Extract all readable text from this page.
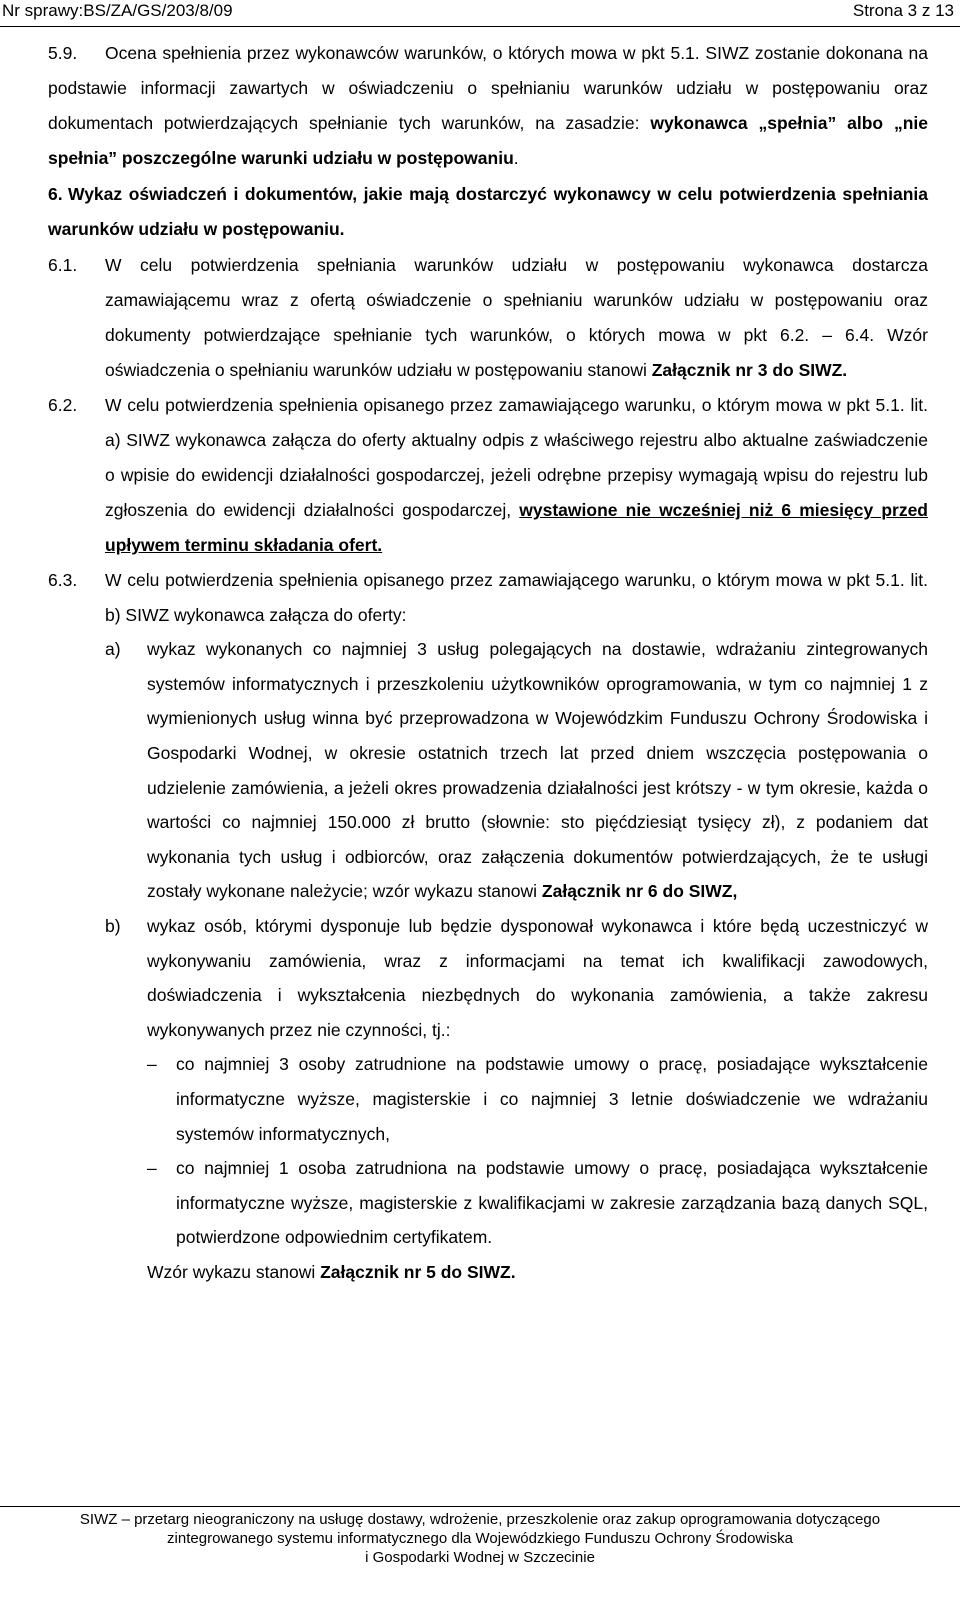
Nr sprawy:BS/ZA/GS/203/8/09	Strona 3 z 13
5.9. Ocena spełnienia przez wykonawców warunków, o których mowa w pkt 5.1. SIWZ zostanie dokonana na podstawie informacji zawartych w oświadczeniu o spełnianiu warunków udziału w postępowaniu oraz dokumentach potwierdzających spełnianie tych warunków, na zasadzie: wykonawca „spełnia” albo „nie spełnia” poszczególne warunki udziału w postępowaniu.
6. Wykaz oświadczeń i dokumentów, jakie mają dostarczyć wykonawcy w celu potwierdzenia spełniania warunków udziału w postępowaniu.
6.1. W celu potwierdzenia spełniania warunków udziału w postępowaniu wykonawca dostarcza zamawiającemu wraz z ofertą oświadczenie o spełnianiu warunków udziału w postępowaniu oraz dokumenty potwierdzające spełnianie tych warunków, o których mowa w pkt 6.2. – 6.4. Wzór oświadczenia o spełnianiu warunków udziału w postępowaniu stanowi Załącznik nr 3 do SIWZ.
6.2. W celu potwierdzenia spełnienia opisanego przez zamawiającego warunku, o którym mowa w pkt 5.1. lit. a) SIWZ wykonawca załącza do oferty aktualny odpis z właściwego rejestru albo aktualne zaświadczenie o wpisie do ewidencji działalności gospodarczej, jeżeli odrębne przepisy wymagają wpisu do rejestru lub zgłoszenia do ewidencji działalności gospodarczej, wystawione nie wcześniej niż 6 miesięcy przed upływem terminu składania ofert.
6.3. W celu potwierdzenia spełnienia opisanego przez zamawiającego warunku, o którym mowa w pkt 5.1. lit. b) SIWZ wykonawca załącza do oferty:
a) wykaz wykonanych co najmniej 3 usług polegających na dostawie, wdrażaniu zintegrowanych systemów informatycznych i przeszkoleniu użytkowników oprogramowania, w tym co najmniej 1 z wymienionych usług winna być przeprowadzona w Wojewódzkim Funduszu Ochrony Środowiska i Gospodarki Wodnej, w okresie ostatnich trzech lat przed dniem wszczęcia postępowania o udzielenie zamówienia, a jeżeli okres prowadzenia działalności jest krótszy - w tym okresie, każda o wartości co najmniej 150.000 zł brutto (słownie: sto pięćdziesiąt tysięcy zł), z podaniem dat wykonania tych usług i odbiorców, oraz załączenia dokumentów potwierdzających, że te usługi zostały wykonane należycie; wzór wykazu stanowi Załącznik nr 6 do SIWZ,
b) wykaz osób, którymi dysponuje lub będzie dysponował wykonawca i które będą uczestniczyć w wykonywaniu zamówienia, wraz z informacjami na temat ich kwalifikacji zawodowych, doświadczenia i wykształcenia niezbędnych do wykonania zamówienia, a także zakresu wykonywanych przez nie czynności, tj.:
– co najmniej 3 osoby zatrudnione na podstawie umowy o pracę, posiadające wykształcenie informatyczne wyższe, magisterskie i co najmniej 3 letnie doświadczenie we wdrażaniu systemów informatycznych,
– co najmniej 1 osoba zatrudniona na podstawie umowy o pracę, posiadająca wykształcenie informatyczne wyższe, magisterskie z kwalifikacjami w zakresie zarządzania bazą danych SQL, potwierdzone odpowiednim certyfikatem.
Wzór wykazu stanowi Załącznik nr 5 do SIWZ.
SIWZ – przetarg nieograniczony na usługę dostawy, wdrożenie, przeszkolenie oraz zakup oprogramowania dotyczącego
zintegrowanego systemu informatycznego dla Wojewódzkiego Funduszu Ochrony Środowiska
i Gospodarki Wodnej w Szczecinie
